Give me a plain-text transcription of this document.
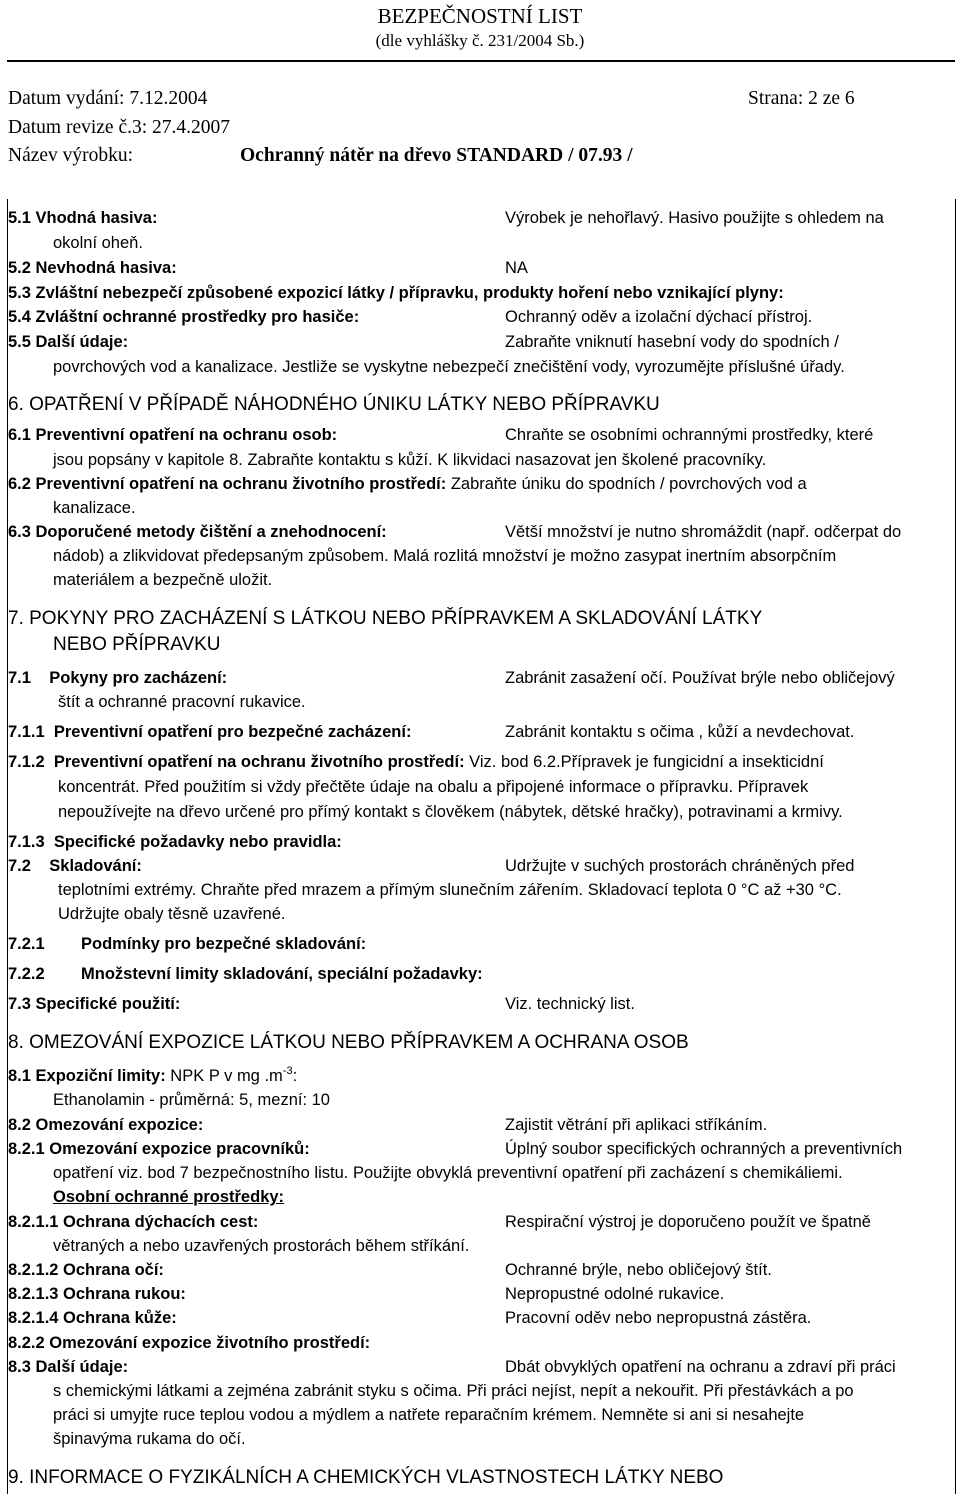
BEZPEČNOSTNÍ LIST
(dle vyhlášky č. 231/2004 Sb.)
Datum vydání: 7.12.2004	Strana: 2 ze 6
Datum revize č.3: 27.4.2007
Název výrobku:	Ochranný nátěr na dřevo STANDARD / 07.93 /
5.1 Vhodná hasiva:	Výrobek je nehořlavý. Hasivo použijte s ohledem na
okolní oheň.
5.2 Nevhodná hasiva:	NA
5.3 Zvláštní nebezpečí způsobené expozicí látky / přípravku, produkty hoření nebo vznikající plyny:
5.4 Zvláštní ochranné prostředky pro hasiče:	Ochranný oděv a izolační dýchací přístroj.
5.5 Další údaje:	Zabraňte vniknutí hasební vody do spodních /
povrchových vod a kanalizace. Jestliže se vyskytne nebezpečí znečištění vody, vyrozumějte příslušné úřady.
6. OPATŘENÍ V PŘÍPADĚ NÁHODNÉHO ÚNIKU LÁTKY NEBO PŘÍPRAVKU
6.1 Preventivní opatření na ochranu osob:	Chraňte se osobními ochrannými prostředky, které
jsou popsány v kapitole 8. Zabraňte kontaktu s kůží. K likvidaci nasazovat jen školené pracovníky.
6.2 Preventivní opatření na ochranu životního prostředí: Zabraňte úniku do spodních / povrchových vod a
kanalizace.
6.3 Doporučené metody čištění a znehodnocení:	Větší množství je nutno shromáždit (např. odčerpat do
nádob) a zlikvidovat předepsaným způsobem. Malá rozlitá množství je možno zasypat inertním absorpčním
materiálem a bezpečně uložit.
7. POKYNY PRO ZACHÁZENÍ S LÁTKOU NEBO PŘÍPRAVKEM A SKLADOVÁNÍ LÁTKY
NEBO PŘÍPRAVKU
7.1    Pokyny pro zacházení:	Zabránit zasažení očí. Používat brýle nebo obličejový
štít a ochranné pracovní rukavice.
7.1.1  Preventivní opatření pro bezpečné zacházení:	Zabránit kontaktu s očima , kůží a nevdechovat.
7.1.2  Preventivní opatření na ochranu životního prostředí: Viz. bod 6.2.Přípravek je fungicidní a insekticidní
koncentrát. Před použitím si vždy přečtěte údaje na obalu a připojené informace o přípravku. Přípravek
nepoužívejte na dřevo určené pro přímý kontakt s člověkem (nábytek, dětské hračky), potravinami a krmivy.
7.1.3  Specifické požadavky nebo pravidla:
7.2    Skladování:	Udržujte v suchých prostorách chráněných před
teplotními extrémy. Chraňte před mrazem a přímým slunečním zářením. Skladovací teplota 0 °C až +30 °C.
Udržujte obaly těsně uzavřené.
7.2.1 Podmínky pro bezpečné skladování:
7.2.2 Množstevní limity skladování, speciální požadavky:
7.3 Specifické použití:	Viz. technický list.
8. OMEZOVÁNÍ EXPOZICE LÁTKOU NEBO PŘÍPRAVKEM A OCHRANA OSOB
8.1 Expoziční limity: NPK P v mg $.m^{-3}$:
Ethanolamin - průměrná: 5, mezní: 10
8.2 Omezování expozice:	Zajistit větrání při aplikaci stříkáním.
8.2.1 Omezování expozice pracovníků:	Úplný soubor specifických ochranných a preventivních
opatření viz. bod 7 bezpečnostního listu. Použijte obvyklá preventivní opatření při zacházení s chemikáliemi.
Osobní ochranné prostředky:
8.2.1.1 Ochrana dýchacích cest:	Respirační výstroj je doporučeno použít ve špatně
větraných a nebo uzavřených prostorách během stříkání.
8.2.1.2 Ochrana očí:	Ochranné brýle, nebo obličejový štít.
8.2.1.3 Ochrana rukou:	Nepropustné odolné rukavice.
8.2.1.4 Ochrana kůže:	Pracovní oděv nebo nepropustná zástěra.
8.2.2 Omezování expozice životního prostředí:
8.3 Další údaje:	Dbát obvyklých opatření na ochranu a zdraví při práci
s chemickými látkami a zejména zabránit styku s očima. Při práci nejíst, nepít a nekouřit. Při přestávkách a po
práci si umyjte ruce teplou vodou a mýdlem a natřete reparačním krémem. Nemněte si ani si nesahejte
špinavýma rukama do očí.
9. INFORMACE O FYZIKÁLNÍCH A CHEMICKÝCH VLASTNOSTECH LÁTKY NEBO
